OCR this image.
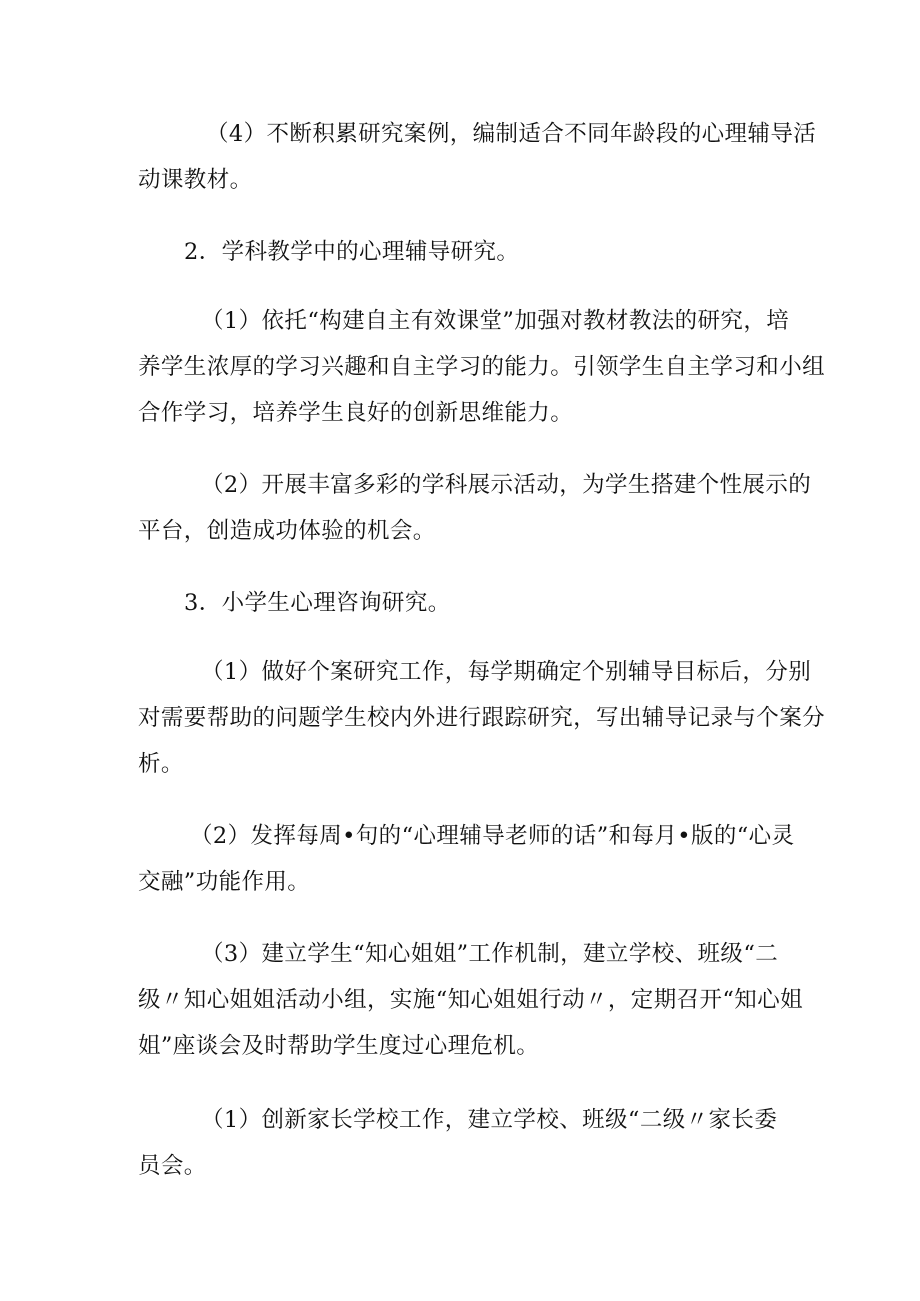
（4）不断积累研究案例，编制适合不同年龄段的心理辅导活
动课教材。

2．学科教学中的心理辅导研究。

（1）依托“构建自主有效课堂”加强对教材教法的研究，培
养学生浓厚的学习兴趣和自主学习的能力。引领学生自主学习和小组
合作学习，培养学生良好的创新思维能力。

（2）开展丰富多彩的学科展示活动，为学生搭建个性展示的
平台，创造成功体验的机会。

3．小学生心理咨询研究。

（1）做好个案研究工作，每学期确定个别辅导目标后，分别
对需要帮助的问题学生校内外进行跟踪研究，写出辅导记录与个案分
析。

（2）发挥每周•句的“心理辅导老师的话”和每月•版的“心灵
交融”功能作用。

（3）建立学生“知心姐姐”工作机制，建立学校、班级“二
级〃知心姐姐活动小组，实施“知心姐姐行动〃，定期召开“知心姐
姐”座谈会及时帮助学生度过心理危机。

（1）创新家长学校工作，建立学校、班级“二级〃家长委
员会。
